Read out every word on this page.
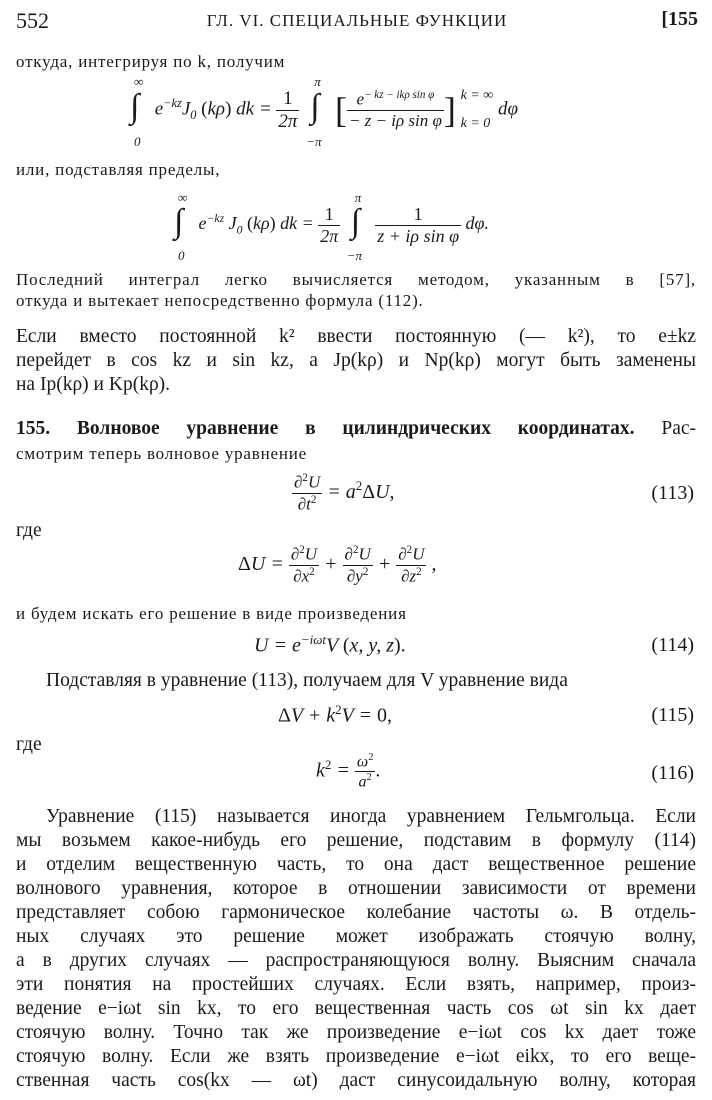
552	ГЛ. VI. СПЕЦИАЛЬНЫЕ ФУНКЦИИ	[155
откуда, интегрируя по k, получим
∞
∫
0
$e^{-kz}J_0$ (kρ) dk = $\frac{1}{2\pi}$

π
∫
−π
[ $\frac{e^{- kz - ik\rho sin \varphi}}{\text{− z − iρ sin φ}}$ ] k = ∞
k = 0
dφ
или, подставляя пределы,
∞
∫
0
$e^{-kz}$ $J_0$ (kρ) dk = $\frac{1}{2\pi}$

π
∫
−π

$\frac{1}{\text{z + iρ sin φ}} d\varphi$.
Последний интеграл легко вычисляется методом, указанным в [57],
откуда и вытекает непосредственно формула (112).
Если вместо постоянной k² ввести постоянную (— k²), то e±kz
перейдет в cos kz и sin kz, а Jp(kρ) и Np(kρ) могут быть заменены
на Ip(kρ) и Kp(kρ).
155. Волновое уравнение в цилиндрических координатах. Рас-
смотрим теперь волновое уравнение
$\frac{\partial^2U}{\partial t^2} = a^2\Delta U$,	(113)
где
$\Delta U = \frac{\partial^2U}{\partial x^2} + \frac{\partial^2U}{\partial y^2} + \frac{\partial^2U}{\partial z^2}$ ,
и будем искать его решение в виде произведения
$U = e^{-i\omega t}V$ (x, y, z).	(114)
Подставляя в уравнение (113), получаем для V уравнение вида
$\Delta V + k^2V = 0$,	(115)
где
$k^2 = \frac{\omega^2}{a^2}$ .	(116)
Уравнение (115) называется иногда уравнением Гельмгольца. Если
мы возьмем какое-нибудь его решение, подставим в формулу (114)
и отделим вещественную часть, то она даст вещественное решение
волнового уравнения, которое в отношении зависимости от времени
представляет собою гармоническое колебание частоты ω. В отдель-
ных случаях это решение может изображать стоячую волну,
а в других случаях — распространяющуюся волну. Выясним сначала
эти понятия на простейших случаях. Если взять, например, произ-
ведение e−iωt sin kx, то его вещественная часть cos ωt sin kx дает
стоячую волну. Точно так же произведение e−iωt cos kx дает тоже
стоячую волну. Если же взять произведение e−iωt eikx, то его веще-
ственная часть cos(kx — ωt) даст синусоидальную волну, которая
